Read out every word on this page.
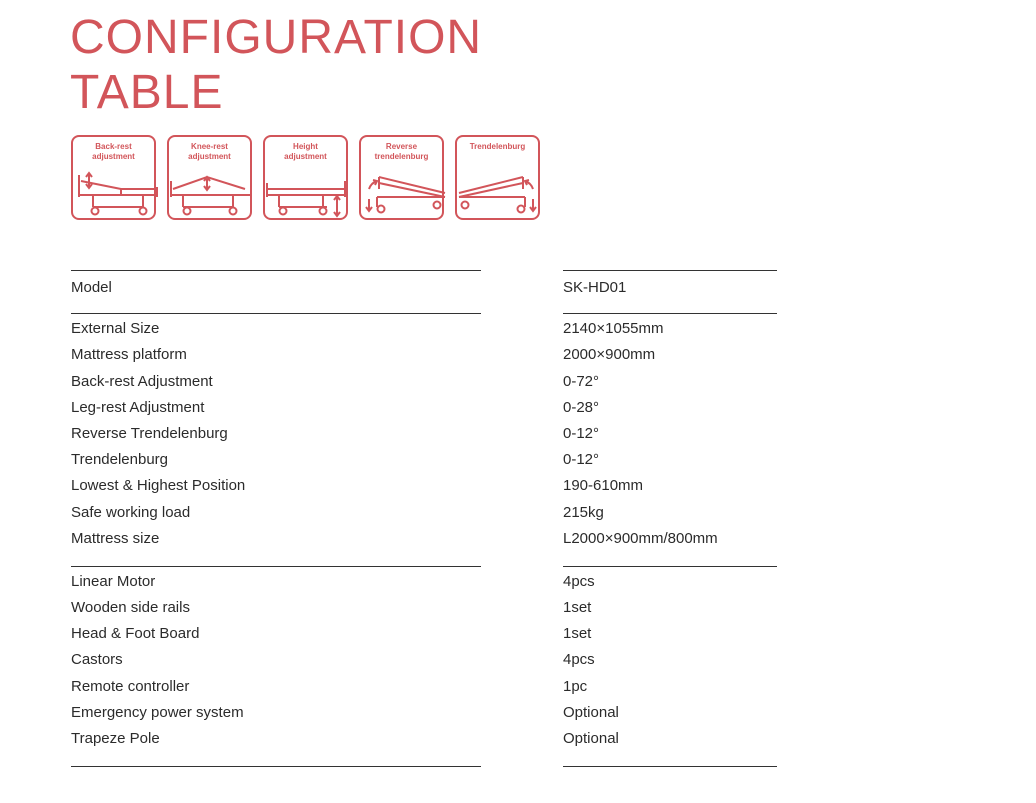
CONFIGURATION
TABLE
Back-rest
adjustment
Knee-rest
adjustment
Height
adjustment
Reverse
trendelenburg
Trendelenburg
Model	SK-HD01
External Size	2140×1055mm
Mattress platform	2000×900mm
Back-rest Adjustment	0-72°
Leg-rest Adjustment	0-28°
Reverse Trendelenburg	0-12°
Trendelenburg	0-12°
Lowest & Highest Position	190-610mm
Safe working load	215kg
Mattress size	L2000×900mm/800mm
Linear Motor	4pcs
Wooden side rails	1set
Head & Foot Board	1set
Castors	4pcs
Remote controller	1pc
Emergency power system	Optional
Trapeze Pole	Optional
